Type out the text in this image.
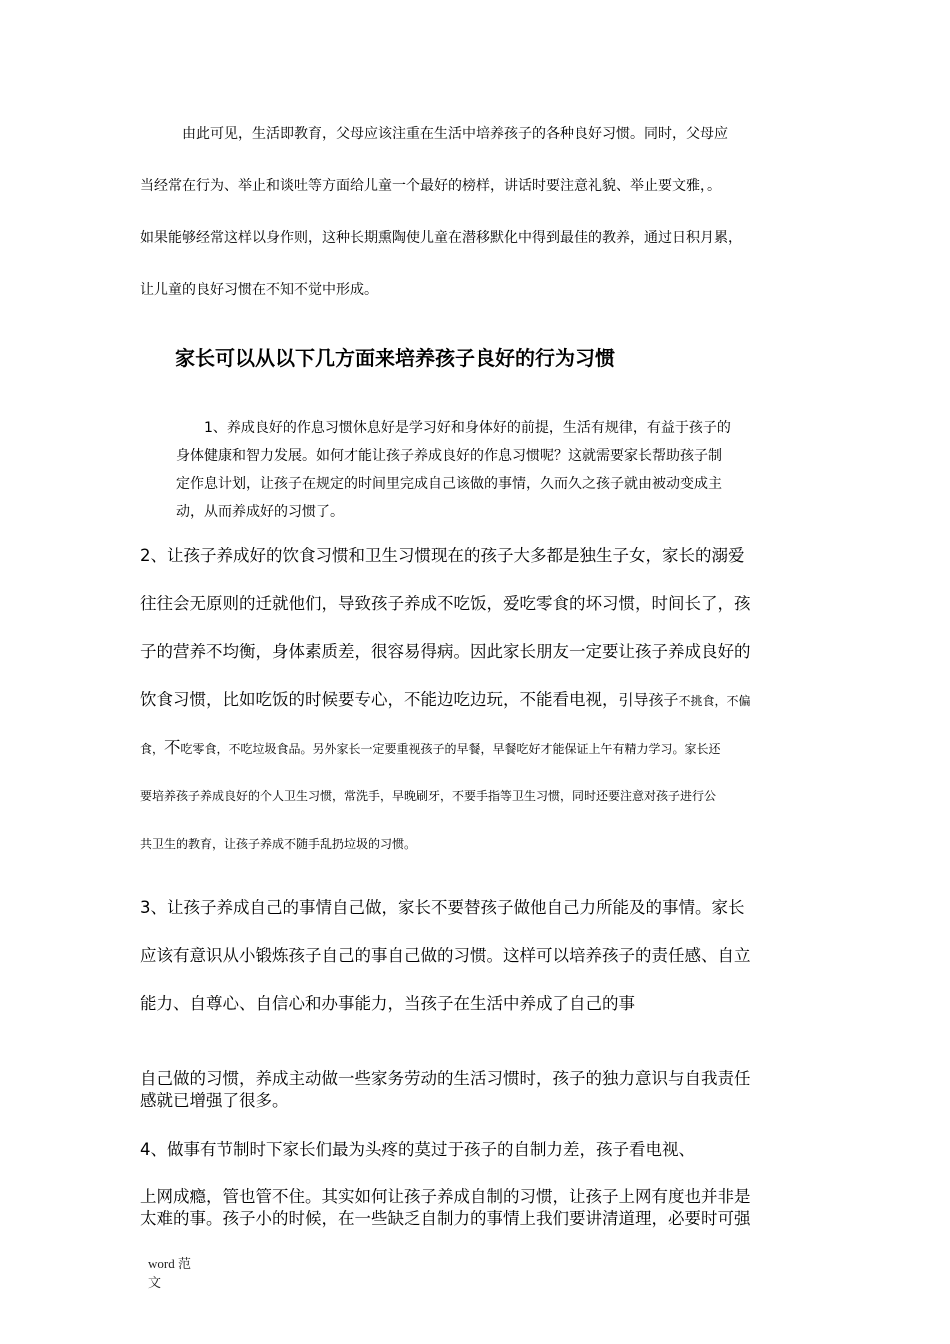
由此可见，生活即教育，父母应该注重在生活中培养孩子的各种良好习惯。同时，父母应
当经常在行为、举止和谈吐等方面给儿童一个最好的榜样，讲话时要注意礼貌、举止要文雅，。
如果能够经常这样以身作则，这种长期熏陶使儿童在潜移默化中得到最佳的教养，通过日积月累，
让儿童的良好习惯在不知不觉中形成。
家长可以从以下几方面来培养孩子良好的行为习惯
1、养成良好的作息习惯休息好是学习好和身体好的前提，生活有规律，有益于孩子的
身体健康和智力发展。如何才能让孩子养成良好的作息习惯呢？这就需要家长帮助孩子制
定作息计划，让孩子在规定的时间里完成自己该做的事情，久而久之孩子就由被动变成主
动，从而养成好的习惯了。
2、让孩子养成好的饮食习惯和卫生习惯现在的孩子大多都是独生子女，家长的溺爱
往往会无原则的迁就他们，导致孩子养成不吃饭，爱吃零食的坏习惯，时间长了，孩
子的营养不均衡，身体素质差，很容易得病。因此家长朋友一定要让孩子养成良好的
饮食习惯，比如吃饭的时候要专心，不能边吃边玩，不能看电视，引导孩子不挑食，不偏
食，不吃零食，不吃垃圾食品。另外家长一定要重视孩子的早餐，早餐吃好才能保证上午有精力学习。家长还
要培养孩子养成良好的个人卫生习惯，常洗手，早晚刷牙，不要手指等卫生习惯，同时还要注意对孩子进行公
共卫生的教育，让孩子养成不随手乱扔垃圾的习惯。
3、让孩子养成自己的事情自己做，家长不要替孩子做他自己力所能及的事情。家长
应该有意识从小锻炼孩子自己的事自己做的习惯。这样可以培养孩子的责任感、自立
能力、自尊心、自信心和办事能力，当孩子在生活中养成了自己的事
自己做的习惯，养成主动做一些家务劳动的生活习惯时，孩子的独力意识与自我责任
感就已增强了很多。
4、做事有节制时下家长们最为头疼的莫过于孩子的自制力差，孩子看电视、
上网成瘾，管也管不住。其实如何让孩子养成自制的习惯，让孩子上网有度也并非是
太难的事。孩子小的时候，在一些缺乏自制力的事情上我们要讲清道理，必要时可强
word 范
文
